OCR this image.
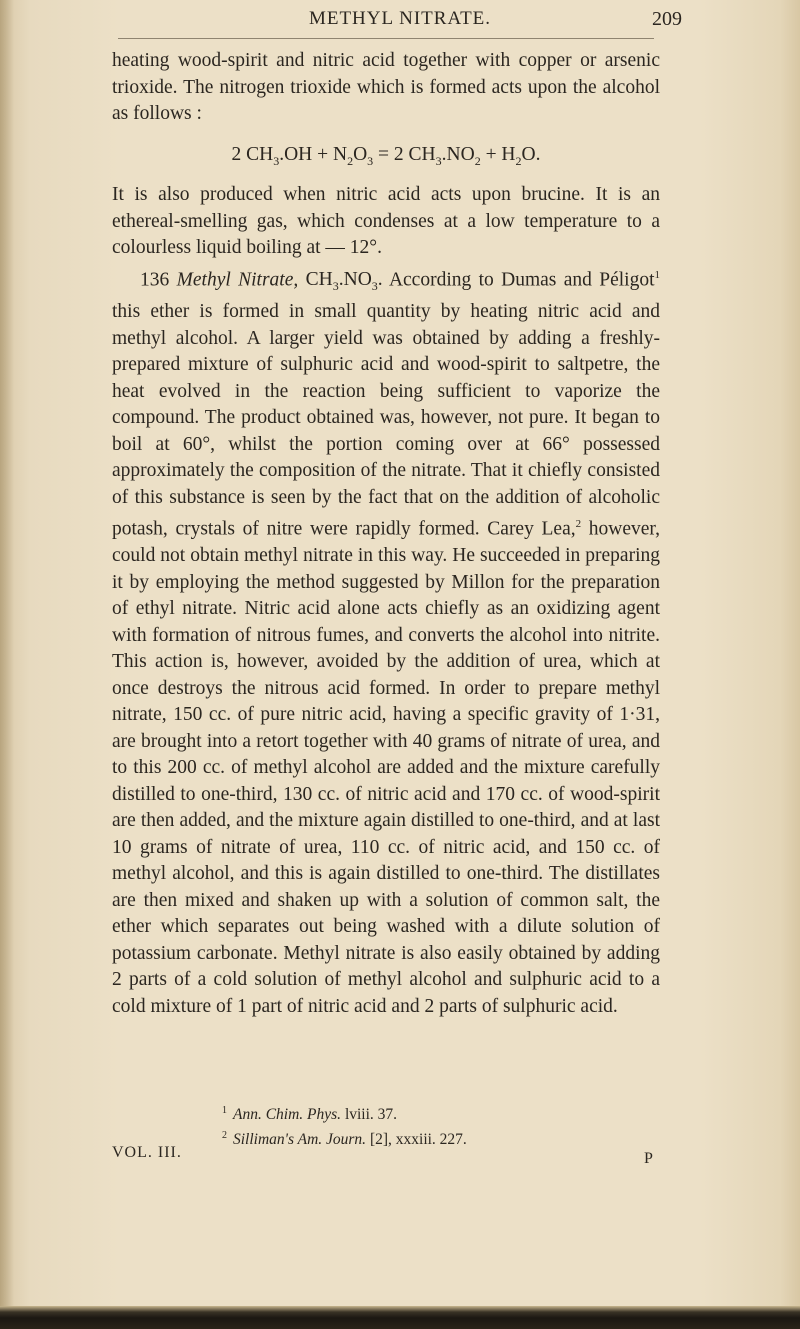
METHYL NITRATE.	209

heating wood-spirit and nitric acid together with copper or arsenic trioxide. The nitrogen trioxide which is formed acts upon the alcohol as follows :

2 $CH_3.OH + N_2O_3 = 2$ $CH_3.NO_2 + H_2O$.

It is also produced when nitric acid acts upon brucine. It is an ethereal-smelling gas, which condenses at a low temperature to a colourless liquid boiling at — 12°.

136 Methyl Nitrate, $CH_3.NO_3$. According to Dumas and Péligot$^1$ this ether is formed in small quantity by heating nitric acid and methyl alcohol. A larger yield was obtained by adding a freshly-prepared mixture of sulphuric acid and wood-spirit to saltpetre, the heat evolved in the reaction being sufficient to vaporize the compound. The product obtained was, however, not pure. It began to boil at 60°, whilst the portion coming over at 66° possessed approximately the composition of the nitrate. That it chiefly consisted of this substance is seen by the fact that on the addition of alcoholic potash, crystals of nitre were rapidly formed. Carey Lea,$^2$ however, could not obtain methyl nitrate in this way. He succeeded in preparing it by employing the method suggested by Millon for the preparation of ethyl nitrate. Nitric acid alone acts chiefly as an oxidizing agent with formation of nitrous fumes, and converts the alcohol into nitrite. This action is, however, avoided by the addition of urea, which at once destroys the nitrous acid formed. In order to prepare methyl nitrate, 150 cc. of pure nitric acid, having a specific gravity of 1·31, are brought into a retort together with 40 grams of nitrate of urea, and to this 200 cc. of methyl alcohol are added and the mixture carefully distilled to one-third, 130 cc. of nitric acid and 170 cc. of wood-spirit are then added, and the mixture again distilled to one-third, and at last 10 grams of nitrate of urea, 110 cc. of nitric acid, and 150 cc. of methyl alcohol, and this is again distilled to one-third. The distillates are then mixed and shaken up with a solution of common salt, the ether which separates out being washed with a dilute solution of potassium carbonate. Methyl nitrate is also easily obtained by adding 2 parts of a cold solution of methyl alcohol and sulphuric acid to a cold mixture of 1 part of nitric acid and 2 parts of sulphuric acid.

$^1$ Ann. Chim. Phys. lviii. 37.
$^2$ Silliman's Am. Journ. [2], xxxiii. 227.
VOL. III.	P
